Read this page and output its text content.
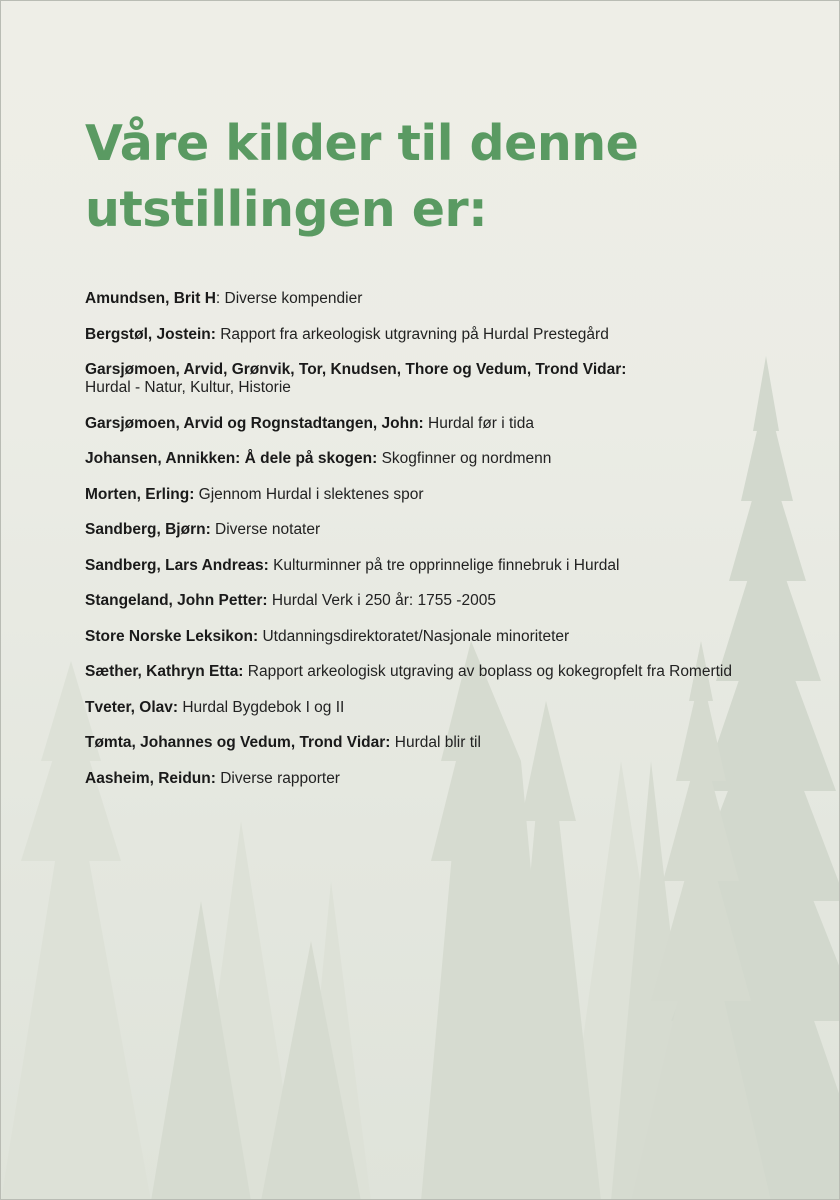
Våre kilder til denne
utstillingen er:
Amundsen, Brit H: Diverse kompendier
Bergstøl, Jostein: Rapport fra arkeologisk utgravning på Hurdal Prestegård
Garsjømoen, Arvid, Grønvik, Tor, Knudsen, Thore og Vedum, Trond Vidar:
Hurdal - Natur, Kultur, Historie
Garsjømoen, Arvid og Rognstadtangen, John: Hurdal før i tida
Johansen, Annikken: Å dele på skogen: Skogfinner og nordmenn
Morten, Erling: Gjennom Hurdal i slektenes spor
Sandberg, Bjørn: Diverse notater
Sandberg, Lars Andreas: Kulturminner på tre opprinnelige finnebruk i Hurdal
Stangeland, John Petter: Hurdal Verk i 250 år: 1755 -2005
Store Norske Leksikon: Utdanningsdirektoratet/Nasjonale minoriteter
Sæther, Kathryn Etta: Rapport arkeologisk utgraving av boplass og kokegropfelt fra Romertid
Tveter, Olav: Hurdal Bygdebok I og II
Tømta, Johannes og Vedum, Trond Vidar: Hurdal blir til
Aasheim, Reidun: Diverse rapporter
